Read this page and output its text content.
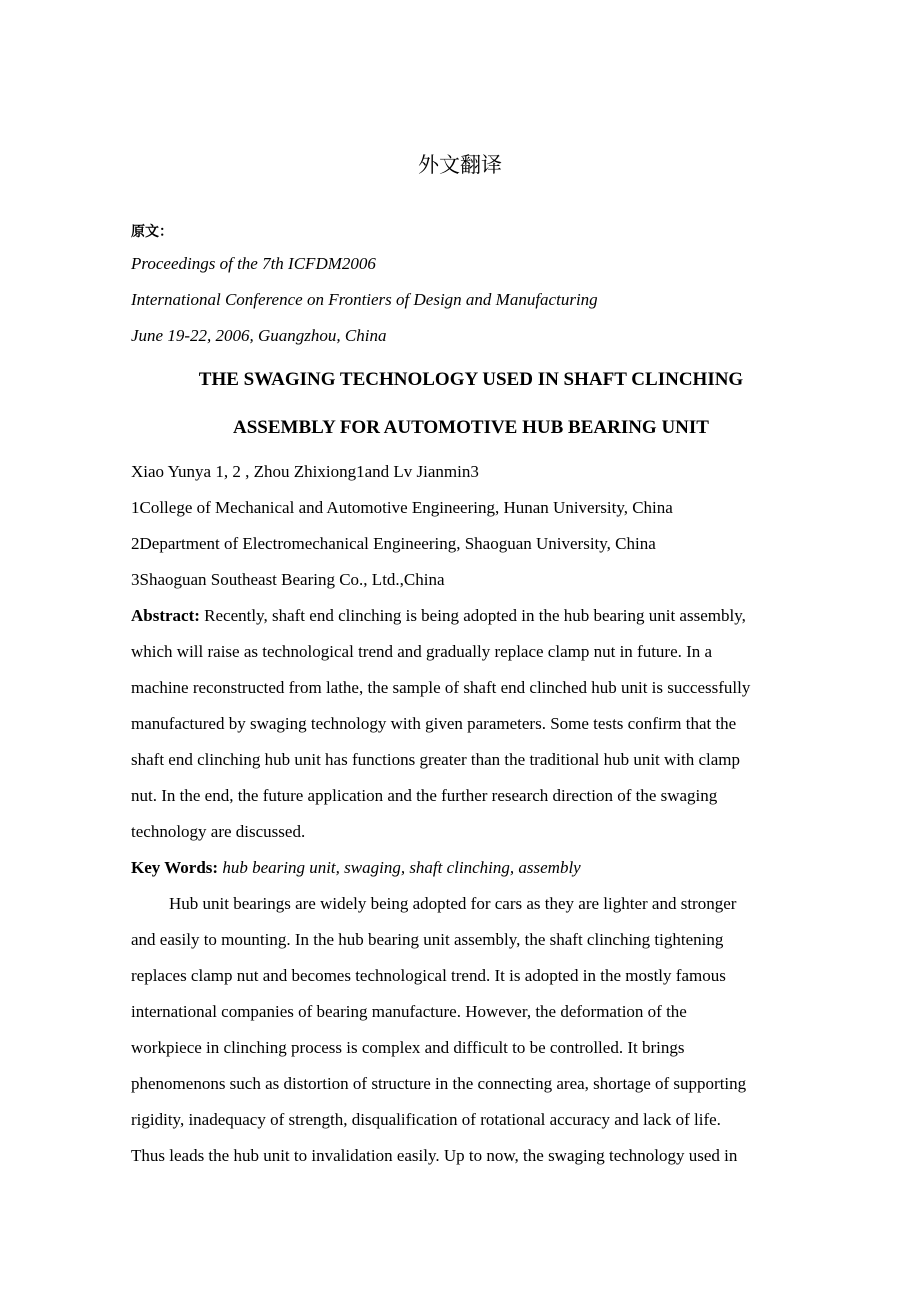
外文翻译
原文：
Proceedings of the 7th ICFDM2006
International Conference on Frontiers of Design and Manufacturing
June 19-22, 2006, Guangzhou, China
THE SWAGING TECHNOLOGY USED IN SHAFT CLINCHING
ASSEMBLY FOR AUTOMOTIVE HUB BEARING UNIT
Xiao Yunya 1, 2 , Zhou Zhixiong1and Lv Jianmin3
1College of Mechanical and Automotive Engineering, Hunan University, China
2Department of Electromechanical Engineering, Shaoguan University, China
3Shaoguan Southeast Bearing Co., Ltd.,China
Abstract: Recently, shaft end clinching is being adopted in the hub bearing unit assembly,
which will raise as technological trend and gradually replace clamp nut in future. In a
machine reconstructed from lathe, the sample of shaft end clinched hub unit is successfully
manufactured by swaging technology with given parameters. Some tests confirm that the
shaft end clinching hub unit has functions greater than the traditional hub unit with clamp
nut. In the end, the future application and the further research direction of the swaging
technology are discussed.
Key Words: hub bearing unit, swaging, shaft clinching, assembly
Hub unit bearings are widely being adopted for cars as they are lighter and stronger
and easily to mounting. In the hub bearing unit assembly, the shaft clinching tightening
replaces clamp nut and becomes technological trend. It is adopted in the mostly famous
international companies of bearing manufacture. However, the deformation of the
workpiece in clinching process is complex and difficult to be controlled. It brings
phenomenons such as distortion of structure in the connecting area, shortage of supporting
rigidity, inadequacy of strength, disqualification of rotational accuracy and lack of life.
Thus leads the hub unit to invalidation easily. Up to now, the swaging technology used in
